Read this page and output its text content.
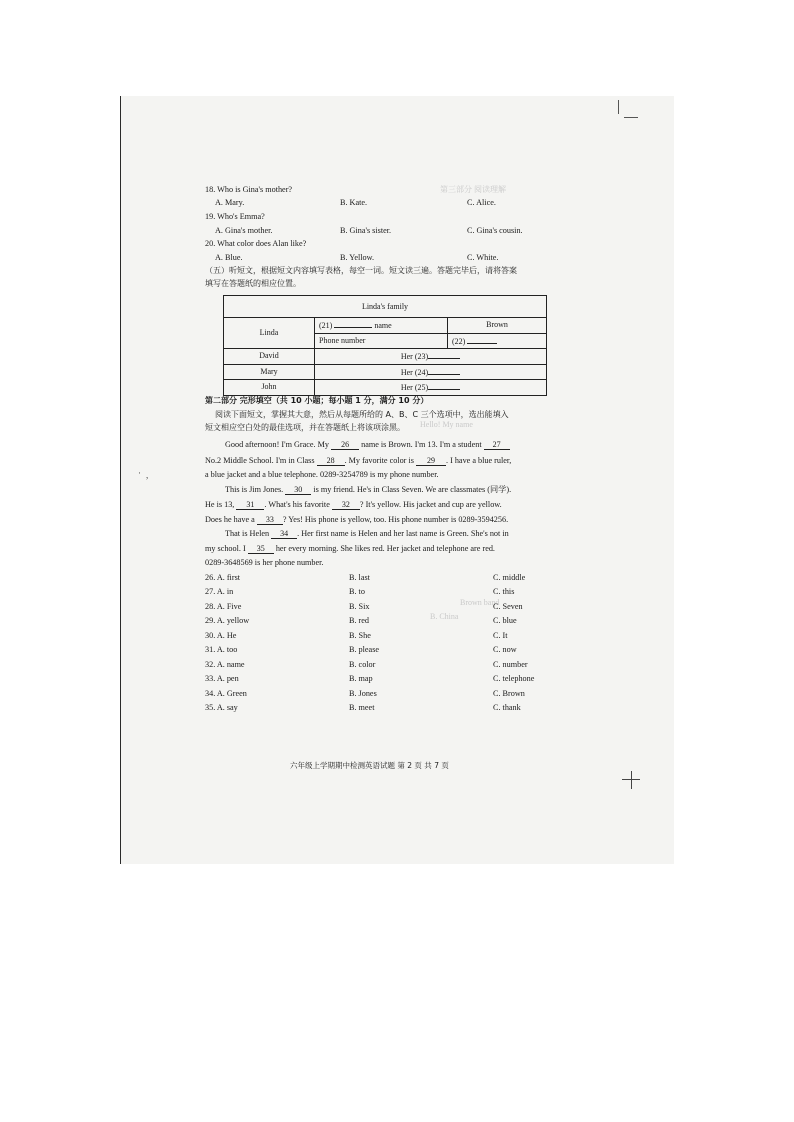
第三部分 阅读理解
Hello! My name
Brown band
B. China
18. Who is Gina's mother?
A. Mary.	B. Kate.	C. Alice.
19. Who's Emma?
A. Gina's mother.	B. Gina's sister.	C. Gina's cousin.
20. What color does Alan like?
A. Blue.	B. Yellow.	C. White.
（五）听短文，根据短文内容填写表格，每空一词。短文读三遍。答题完毕后，请将答案
填写在答题纸的相应位置。
Linda's family		
Linda	(21) name	Brown
	Phone number	(22)
David	Her (23)	
Mary	Her (24)	
John	Her (25)	
第二部分 完形填空（共 10 小题；每小题 1 分，满分 10 分）
阅读下面短文，掌握其大意，然后从每题所给的 A、B、C 三个选项中，选出能填入
短文相应空白处的最佳选项，并在答题纸上将该项涂黑。
Good afternoon! I'm Grace. My 26 name is Brown. I'm 13. I'm a student 27
No.2 Middle School. I'm in Class 28 . My favorite color is 29 . I have a blue ruler,
a blue jacket and a blue telephone. 0289-3254789 is my phone number.
This is Jim Jones. 30 is my friend. He's in Class Seven. We are classmates (同学).
He is 13, 31 . What's his favorite 32 ? It's yellow. His jacket and cup are yellow.
Does he have a 33 ? Yes! His phone is yellow, too. His phone number is 0289-3594256.
That is Helen 34 . Her first name is Helen and her last name is Green. She's not in
my school. I 35 her every morning. She likes red. Her jacket and telephone are red.
0289-3648569 is her phone number.
26. A. first	B. last	C. middle
27. A. in	B. to	C. this
28. A. Five	B. Six	C. Seven
29. A. yellow	B. red	C. blue
30. A. He	B. She	C. It
31. A. too	B. please	C. now
32. A. name	B. color	C. number
33. A. pen	B. map	C. telephone
34. A. Green	B. Jones	C. Brown
35. A. say	B. meet	C. thank
六年级上学期期中检测英语试题 第 2 页 共 7 页
· ,
